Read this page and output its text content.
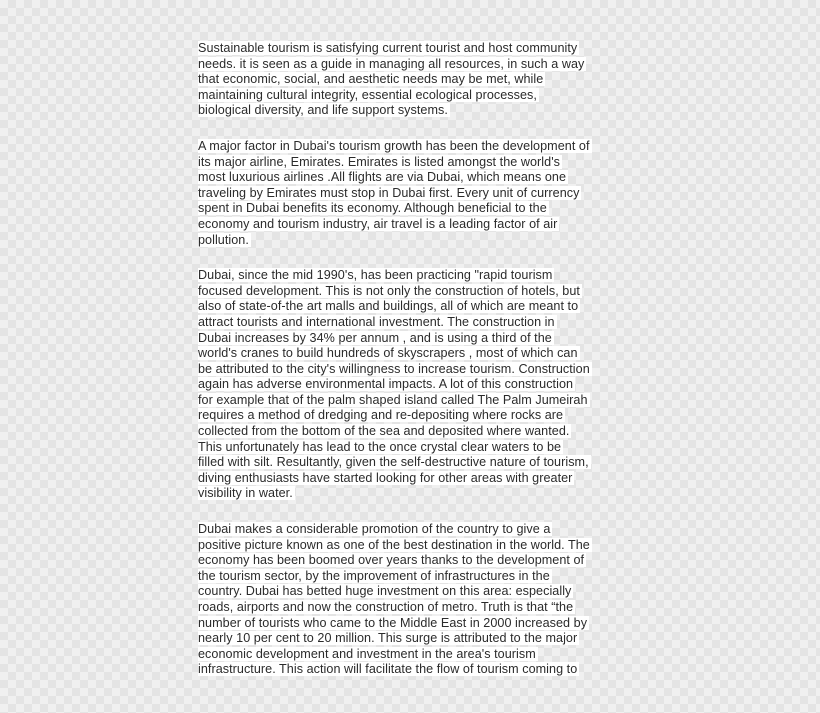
Sustainable tourism is satisfying current tourist and host community
needs. it is seen as a guide in managing all resources, in such a way
that economic, social, and aesthetic needs may be met, while
maintaining cultural integrity, essential ecological processes,
biological diversity, and life support systems.
A major factor in Dubai's tourism growth has been the development of
its major airline, Emirates. Emirates is listed amongst the world's
most luxurious airlines .All flights are via Dubai, which means one
traveling by Emirates must stop in Dubai first. Every unit of currency
spent in Dubai benefits its economy. Although beneficial to the
economy and tourism industry, air travel is a leading factor of air
pollution.
Dubai, since the mid 1990's, has been practicing "rapid tourism
focused development. This is not only the construction of hotels, but
also of state-of-the art malls and buildings, all of which are meant to
attract tourists and international investment. The construction in
Dubai increases by 34% per annum , and is using a third of the
world's cranes to build hundreds of skyscrapers , most of which can
be attributed to the city's willingness to increase tourism. Construction
again has adverse environmental impacts. A lot of this construction
for example that of the palm shaped island called The Palm Jumeirah
requires a method of dredging and re-depositing where rocks are
collected from the bottom of the sea and deposited where wanted.
This unfortunately has lead to the once crystal clear waters to be
filled with silt. Resultantly, given the self-destructive nature of tourism,
diving enthusiasts have started looking for other areas with greater
visibility in water.
Dubai makes a considerable promotion of the country to give a
positive picture known as one of the best destination in the world. The
economy has been boomed over years thanks to the development of
the tourism sector, by the improvement of infrastructures in the
country. Dubai has betted huge investment on this area: especially
roads, airports and now the construction of metro. Truth is that “the
number of tourists who came to the Middle East in 2000 increased by
nearly 10 per cent to 20 million. This surge is attributed to the major
economic development and investment in the area's tourism
infrastructure. This action will facilitate the flow of tourism coming to
